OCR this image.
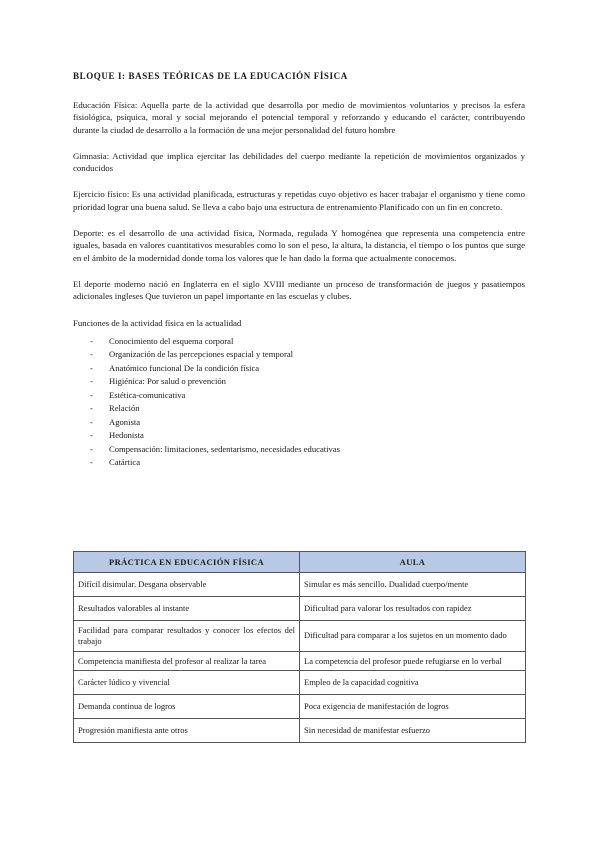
BLOQUE I: BASES TEÓRICAS DE LA EDUCACIÓN FÍSICA

Educación Física: Aquella parte de la actividad que desarrolla por medio de movimientos voluntarios y precisos la esfera fisiológica, psíquica, moral y social mejorando el potencial temporal y reforzando y educando el carácter, contribuyendo durante la ciudad de desarrollo a la formación de una mejor personalidad del futuro hombre

Gimnasia: Actividad que implica ejercitar las debilidades del cuerpo mediante la repetición de movimientos organizados y conducidos

Ejercicio físico: Es una actividad planificada, estructuras y repetidas cuyo objetivo es hacer trabajar el organismo y tiene como prioridad lograr una buena salud. Se lleva a cabo bajo una estructura de entrenamiento Planificado con un fin en concreto.

Deporte: es el desarrollo de una actividad física, Normada, regulada Y homogénea que representa una competencia entre iguales, basada en valores cuantitativos mesurables como lo son el peso, la altura, la distancia, el tiempo o los puntos que surge en el ámbito de la modernidad donde toma los valores que le han dado la forma que actualmente conocemos.

El deporte moderno nació en Inglaterra en el siglo XVIII mediante un proceso de transformación de juegos y pasatiempos adicionales ingleses Que tuvieron un papel importante en las escuelas y clubes.

Funciones de la actividad física en la actualidad

- Conocimiento del esquema corporal
- Organización de las percepciones espacial y temporal
- Anatómico funcional De la condición física
- Higiénica: Por salud o prevención
- Estética-comunicativa
- Relación
- Agonista
- Hedonista
- Compensación: limitaciones, sedentarismo, necesidades educativas
- Catártica
PRÁCTICA EN EDUCACIÓN FÍSICA	AULA
Difícil disimular. Desgana observable	Simular es más sencillo. Dualidad cuerpo/mente
Resultados valorables al instante	Dificultad para valorar los resultados con rapidez
Facilidad para comparar resultados y conocer los efectos del trabajo	Dificultad para comparar a los sujetos en un momento dado
Competencia manifiesta del profesor al realizar la tarea	La competencia del profesor puede refugiarse en lo verbal
Carácter lúdico y vivencial	Empleo de la capacidad cognitiva
Demanda continua de logros	Poca exigencia de manifestación de logros
Progresión manifiesta ante otros	Sin necesidad de manifestar esfuerzo
